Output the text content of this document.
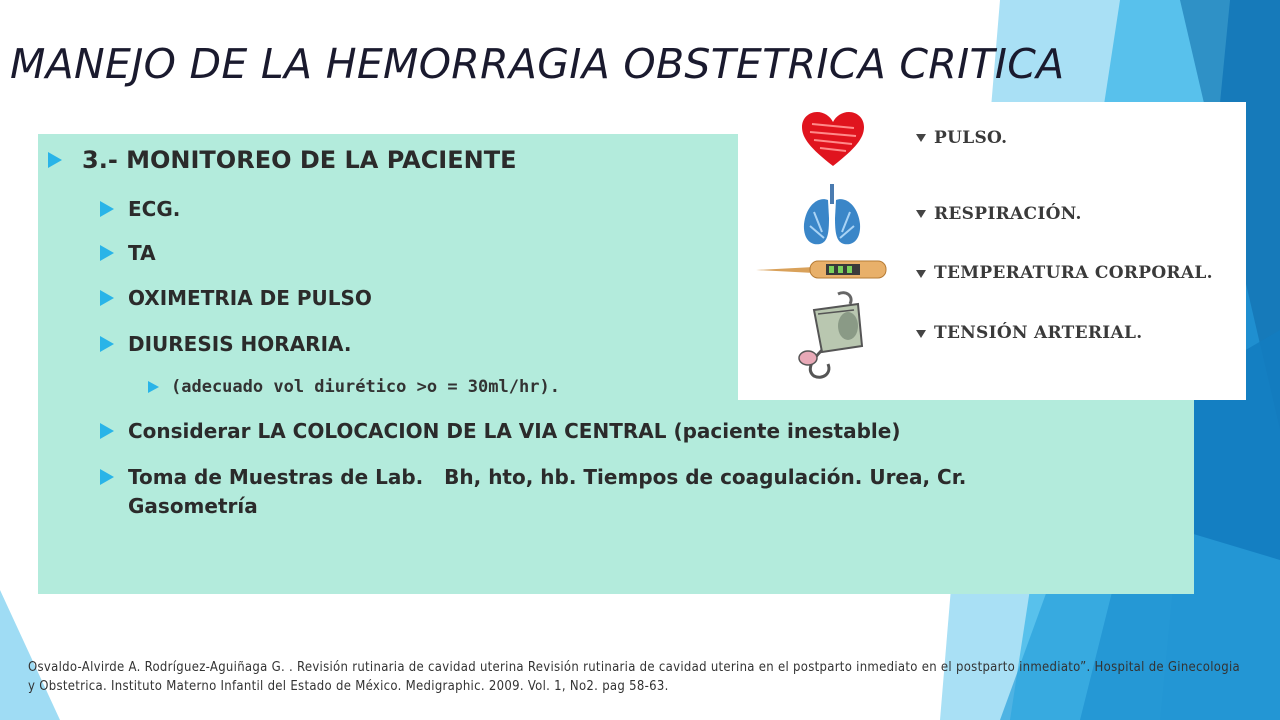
MANEJO DE LA HEMORRAGIA OBSTETRICA CRITICA
3.- MONITOREO DE LA PACIENTE
ECG.
TA
OXIMETRIA DE PULSO
DIURESIS HORARIA.
(adecuado vol diurético >o = 30ml/hr).
Considerar LA COLOCACION DE LA VIA CENTRAL (paciente inestable)
Toma de Muestras de Lab.   Bh, hto, hb. Tiempos de coagulación. Urea, Cr.
Gasometría
PULSO.
RESPIRACIÓN.
TEMPERATURA CORPORAL.
TENSIÓN ARTERIAL.
Osvaldo-Alvirde A. Rodríguez-Aguiñaga G. . Revisión rutinaria de cavidad uterina Revisión rutinaria de cavidad uterina en el postparto inmediato en el postparto inmediato”. Hospital de Ginecologia y Obstetrica. Instituto Materno Infantil del Estado de México. Medigraphic. 2009. Vol. 1, No2. pag 58-63.
